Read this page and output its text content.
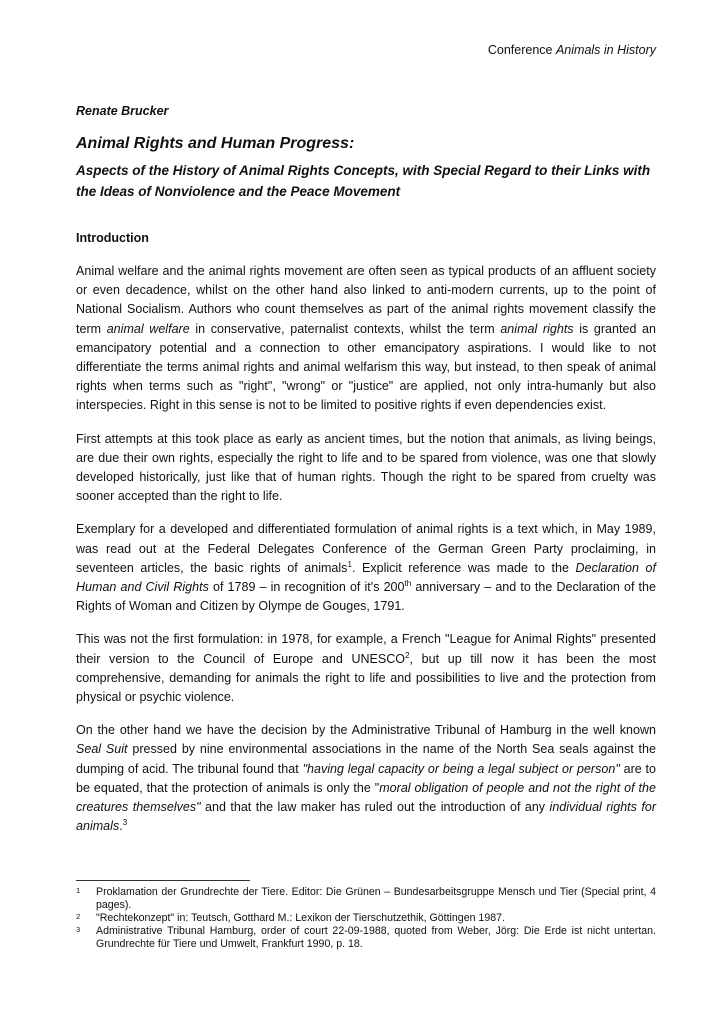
Conference Animals in History
Renate Brucker
Animal Rights and Human Progress:
Aspects of the History of Animal Rights Concepts, with Special Regard to their Links with the Ideas of Nonviolence and the Peace Movement
Introduction

Animal welfare and the animal rights movement are often seen as typical products of an affluent society or even decadence, whilst on the other hand also linked to anti-modern currents, up to the point of National Socialism. Authors who count themselves as part of the animal rights movement classify the term animal welfare in conservative, paternalist contexts, whilst the term animal rights is granted an emancipatory potential and a connection to other emancipatory aspirations. I would like to not differentiate the terms animal rights and animal welfarism this way, but instead, to then speak of animal rights when terms such as "right", "wrong" or "justice" are applied, not only intra-humanly but also interspecies. Right in this sense is not to be limited to positive rights if even dependencies exist.

First attempts at this took place as early as ancient times, but the notion that animals, as living beings, are due their own rights, especially the right to life and to be spared from violence, was one that slowly developed historically, just like that of human rights. Though the right to be spared from cruelty was sooner accepted than the right to life.

Exemplary for a developed and differentiated formulation of animal rights is a text which, in May 1989, was read out at the Federal Delegates Conference of the German Green Party proclaiming, in seventeen articles, the basic rights of animals$^1$. Explicit reference was made to the Declaration of Human and Civil Rights of 1789 – in recognition of it's 200th anniversary – and to the Declaration of the Rights of Woman and Citizen by Olympe de Gouges, 1791.

This was not the first formulation: in 1978, for example, a French "League for Animal Rights" presented their version to the Council of Europe and UNESCO$^2$, but up till now it has been the most comprehensive, demanding for animals the right to life and possibilities to live and the protection from physical or psychic violence.

On the other hand we have the decision by the Administrative Tribunal of Hamburg in the well known Seal Suit pressed by nine environmental associations in the name of the North Sea seals against the dumping of acid. The tribunal found that "having legal capacity or being a legal subject or person" are to be equated, that the protection of animals is only the "moral obligation of people and not the right of the creatures themselves" and that the law maker has ruled out the introduction of any individual rights for animals.$^3$

1 Proklamation der Grundrechte der Tiere. Editor: Die Grünen – Bundesarbeitsgruppe Mensch und Tier (Special print, 4 pages).
2 "Rechtekonzept" in: Teutsch, Gotthard M.: Lexikon der Tierschutzethik, Göttingen 1987.
3 Administrative Tribunal Hamburg, order of court 22-09-1988, quoted from Weber, Jörg: Die Erde ist nicht untertan. Grundrechte für Tiere und Umwelt, Frankfurt 1990, p. 18.
